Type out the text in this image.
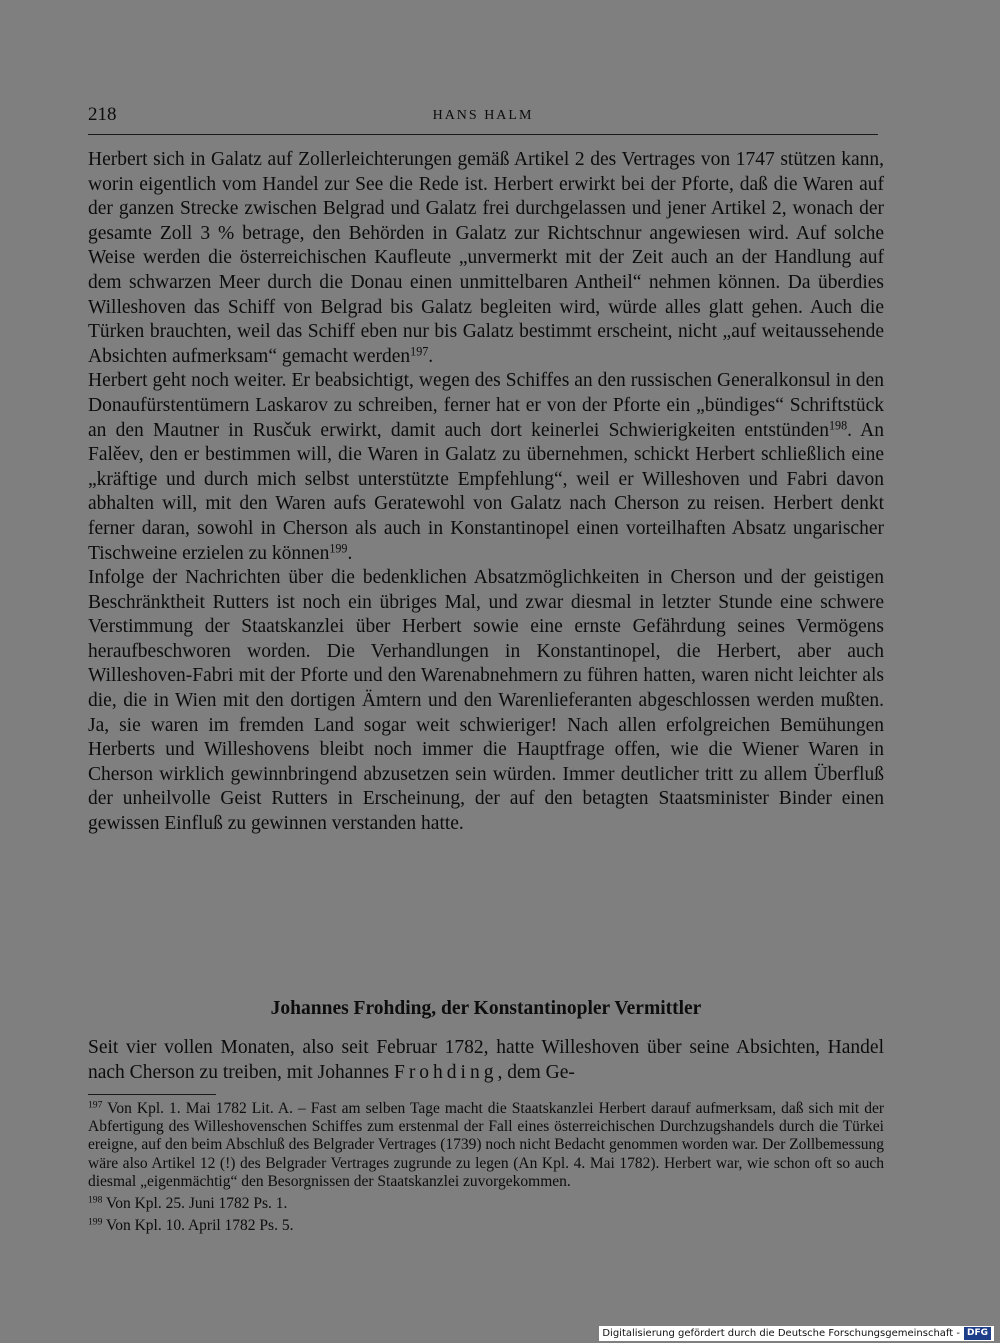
218	HANS HALM

Herbert sich in Galatz auf Zollerleichterungen gemäß Artikel 2 des Vertrages von 1747 stützen kann, worin eigentlich vom Handel zur See die Rede ist. Herbert erwirkt bei der Pforte, daß die Waren auf der ganzen Strecke zwischen Belgrad und Galatz frei durchgelassen und jener Artikel 2, wonach der gesamte Zoll 3 % betrage, den Behörden in Galatz zur Richtschnur angewiesen wird. Auf solche Weise werden die österreichischen Kaufleute „unvermerkt mit der Zeit auch an der Handlung auf dem schwarzen Meer durch die Donau einen unmittelbaren Antheil“ nehmen können. Da überdies Willeshoven das Schiff von Belgrad bis Galatz begleiten wird, würde alles glatt gehen. Auch die Türken brauchten, weil das Schiff eben nur bis Galatz bestimmt erscheint, nicht „auf weitaussehende Absichten aufmerksam“ gemacht werden$^{197}$.

Herbert geht noch weiter. Er beabsichtigt, wegen des Schiffes an den russischen Generalkonsul in den Donaufürstentümern Laskarov zu schreiben, ferner hat er von der Pforte ein „bündiges“ Schriftstück an den Mautner in Rusčuk erwirkt, damit auch dort keinerlei Schwierigkeiten entstünden$^{198}$. An Falěev, den er bestimmen will, die Waren in Galatz zu übernehmen, schickt Herbert schließlich eine „kräftige und durch mich selbst unterstützte Empfehlung“, weil er Willeshoven und Fabri davon abhalten will, mit den Waren aufs Geratewohl von Galatz nach Cherson zu reisen. Herbert denkt ferner daran, sowohl in Cherson als auch in Konstantinopel einen vorteilhaften Absatz ungarischer Tischweine erzielen zu können$^{199}$.

Infolge der Nachrichten über die bedenklichen Absatzmöglichkeiten in Cherson und der geistigen Beschränktheit Rutters ist noch ein übriges Mal, und zwar diesmal in letzter Stunde eine schwere Verstimmung der Staatskanzlei über Herbert sowie eine ernste Gefährdung seines Vermögens heraufbeschworen worden. Die Verhandlungen in Konstantinopel, die Herbert, aber auch Willeshoven-Fabri mit der Pforte und den Warenabnehmern zu führen hatten, waren nicht leichter als die, die in Wien mit den dortigen Ämtern und den Warenlieferanten abgeschlossen werden mußten. Ja, sie waren im fremden Land sogar weit schwieriger! Nach allen erfolgreichen Bemühungen Herberts und Willeshovens bleibt noch immer die Hauptfrage offen, wie die Wiener Waren in Cherson wirklich gewinnbringend abzusetzen sein würden. Immer deutlicher tritt zu allem Überfluß der unheilvolle Geist Rutters in Erscheinung, der auf den betagten Staatsminister Binder einen gewissen Einfluß zu gewinnen verstanden hatte.

Johannes Frohding, der Konstantinopler Vermittler
Seit vier vollen Monaten, also seit Februar 1782, hatte Willeshoven über seine Absichten, Handel nach Cherson zu treiben, mit Johannes Frohding, dem Ge-

$^{197}$ Von Kpl. 1. Mai 1782 Lit. A. – Fast am selben Tage macht die Staatskanzlei Herbert darauf aufmerksam, daß sich mit der Abfertigung des Willeshovenschen Schiffes zum erstenmal der Fall eines österreichischen Durchzugshandels durch die Türkei ereigne, auf den beim Abschluß des Belgrader Vertrages (1739) noch nicht Bedacht genommen worden war. Der Zollbemessung wäre also Artikel 12 (!) des Belgrader Vertrages zugrunde zu legen (An Kpl. 4. Mai 1782). Herbert war, wie schon oft so auch diesmal „eigenmächtig“ den Besorgnissen der Staatskanzlei zuvorgekommen.

$^{198}$ Von Kpl. 25. Juni 1782 Ps. 1.

$^{199}$ Von Kpl. 10. April 1782 Ps. 5.

Digitalisierung gefördert durch die Deutsche Forschungsgemeinschaft - DFG
